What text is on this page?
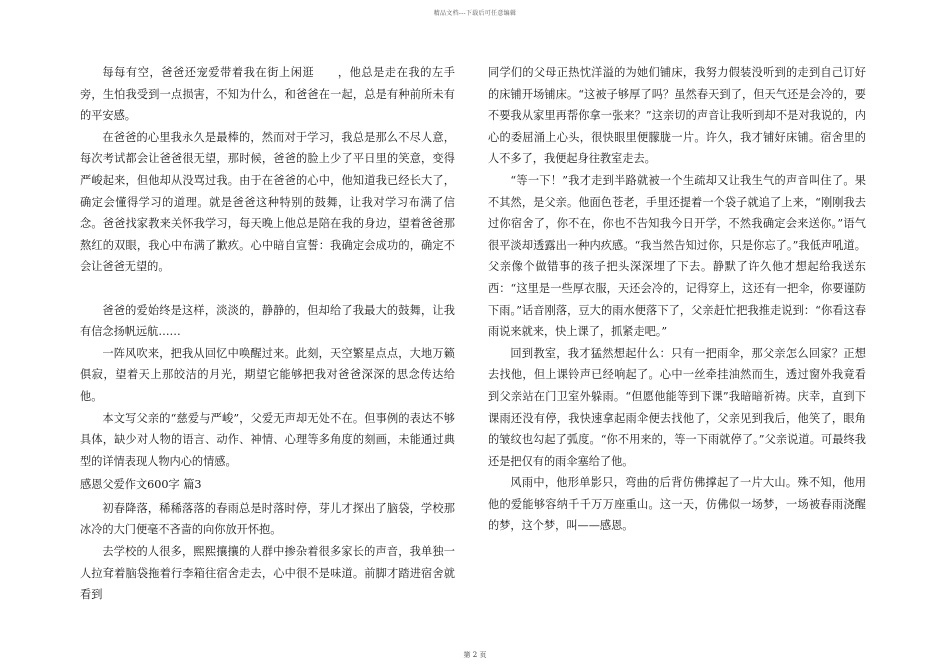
精品文档---下载后可任意编辑

每每有空，爸爸还宠爱带着我在街上闲逛　　，他总是走在我的左手旁，生怕我受到一点损害，不知为什么，和爸爸在一起，总是有种前所未有的平安感。

在爸爸的心里我永久是最棒的，然而对于学习，我总是那么不尽人意，每次考试都会让爸爸很无望，那时候，爸爸的脸上少了平日里的笑意，变得严峻起来，但他却从没骂过我。由于在爸爸的心中，他知道我已经长大了，确定会懂得学习的道理。就是爸爸这种特别的鼓舞，让我对学习布满了信念。爸爸找家教来关怀我学习，每天晚上他总是陪在我的身边，望着爸爸那熬红的双眼，我心中布满了歉疚。心中暗自宣誓：我确定会成功的，确定不会让爸爸无望的。

爸爸的爱始终是这样，淡淡的，静静的，但却给了我最大的鼓舞，让我有信念扬帆远航……

一阵风吹来，把我从回忆中唤醒过来。此刻，天空繁星点点，大地万籁俱寂，望着天上那皎洁的月光，期望它能够把我对爸爸深深的思念传达给他。

本文写父亲的“慈爱与严峻”，父爱无声却无处不在。但事例的表达不够具体，缺少对人物的语言、动作、神情、心理等多角度的刻画，未能通过典型的详情表现人物内心的情感。

感恩父爱作文600字 篇3

初春降落，稀稀落落的春雨总是时落时停，芽儿才探出了脑袋，学校那冰冷的大门便毫不吝啬的向你放开怀抱。

去学校的人很多，熙熙攘攘的人群中掺杂着很多家长的声音，我单独一人拉耷着脑袋拖着行李箱往宿舍走去，心中很不是味道。前脚才踏进宿舍就看到

同学们的父母正热忱洋溢的为她们铺床，我努力假装没听到的走到自己订好的床铺开场铺床。“这被子够厚了吗？虽然春天到了，但天气还是会冷的，要不要我从家里再帮你拿一张来？”这亲切的声音让我听到却不是对我说的，内心的委屈涌上心头，很快眼里便朦胧一片。许久，我才铺好床铺。宿舍里的人不多了，我便起身往教室走去。

“等一下！”我才走到半路就被一个生疏却又让我生气的声音叫住了。果不其然，是父亲。他面色苍老，手里还提着一个袋子就追了上来，“刚刚我去过你宿舍了，你不在，你也不告知我今日开学，不然我确定会来送你。”语气很平淡却透露出一种内疚感。“我当然告知过你，只是你忘了。”我低声吼道。父亲像个做错事的孩子把头深深埋了下去。静默了许久他才想起给我送东西：“这里是一些厚衣服，天还会冷的，记得穿上，这还有一把伞，你要谨防下雨。”话音刚落，豆大的雨水便落下了，父亲赶忙把我推走说到：“你看这春雨说来就来，快上课了，抓紧走吧。”

回到教室，我才猛然想起什么：只有一把雨伞，那父亲怎么回家？正想去找他，但上课铃声已经响起了。心中一丝牵挂油然而生，透过窗外我竟看到父亲站在门卫室外躲雨。“但愿他能等到下课”我暗暗祈祷。庆幸，直到下课雨还没有停，我快速拿起雨伞便去找他了，父亲见到我后，他笑了，眼角的皱纹也勾起了弧度。“你不用来的，等一下雨就停了。”父亲说道。可最终我还是把仅有的雨伞塞给了他。

风雨中，他形单影只，弯曲的后背仿佛撑起了一片大山。殊不知，他用他的爱能够容纳千千万万座重山。这一天，仿佛似一场梦，一场被春雨浇醒的梦，这个梦，叫——感恩。

第 2 页
